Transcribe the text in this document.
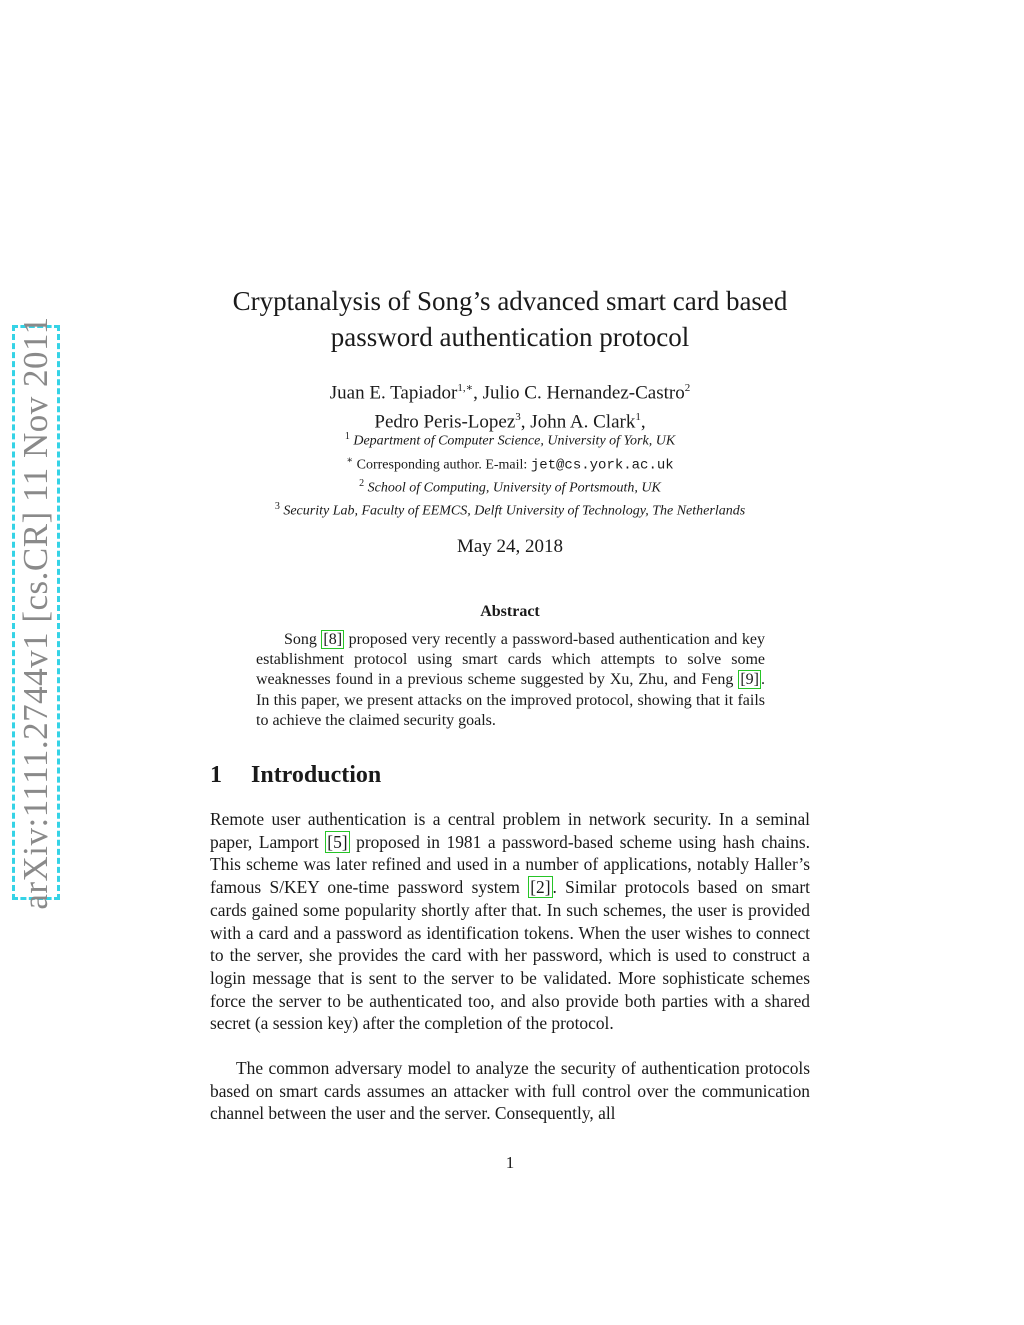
arXiv:1111.2744v1 [cs.CR] 11 Nov 2011
Cryptanalysis of Song’s advanced smart card based password authentication protocol
Juan E. Tapiador$^{1,∗}$, Julio C. Hernandez-Castro$^2$
Pedro Peris-Lopez$^3$, John A. Clark$^1$,
$^1$ Department of Computer Science, University of York, UK
∗ Corresponding author. E-mail: jet@cs.york.ac.uk
$^2$ School of Computing, University of Portsmouth, UK
$^3$ Security Lab, Faculty of EEMCS, Delft University of Technology, The Netherlands
May 24, 2018
Abstract
Song [8] proposed very recently a password-based authentication and key establishment protocol using smart cards which attempts to solve some weaknesses found in a previous scheme suggested by Xu, Zhu, and Feng [9] . In this paper, we present attacks on the improved protocol, showing that it fails to achieve the claimed security goals.
1 Introduction
Remote user authentication is a central problem in network security. In a seminal paper, Lamport [5] proposed in 1981 a password-based scheme using hash chains. This scheme was later refined and used in a number of applications, notably Haller’s famous S/KEY one-time password system [2] . Similar protocols based on smart cards gained some popularity shortly after that. In such schemes, the user is provided with a card and a password as identification tokens. When the user wishes to connect to the server, she provides the card with her password, which is used to construct a login message that is sent to the server to be validated. More sophisticate schemes force the server to be authenticated too, and also provide both parties with a shared secret (a session key) after the completion of the protocol.
The common adversary model to analyze the security of authentication protocols based on smart cards assumes an attacker with full control over the communication channel between the user and the server. Consequently, all
1
